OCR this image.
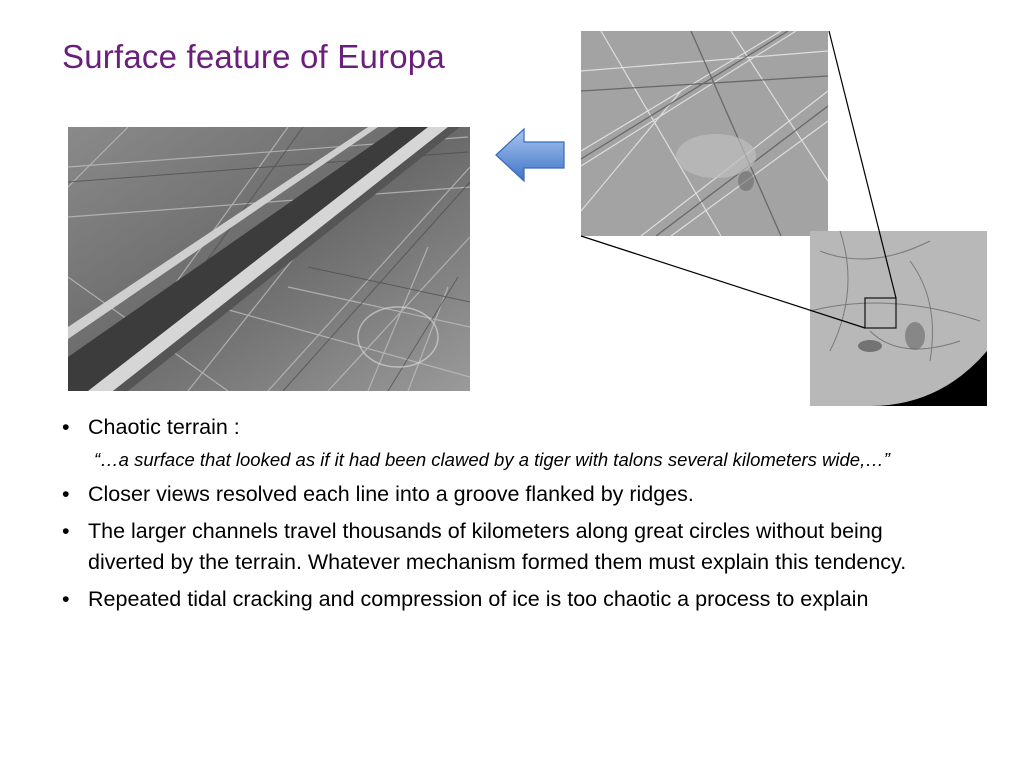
Surface feature of Europa
• Chaotic terrain :
“…a surface that looked as if it had been clawed by a tiger with talons several kilometers wide,…”
• Closer views resolved each line into a groove flanked by ridges.
• The larger channels travel thousands of kilometers along great circles without being diverted by the terrain. Whatever mechanism formed them must explain this tendency.
• Repeated tidal cracking and compression of ice is too chaotic a process to explain
